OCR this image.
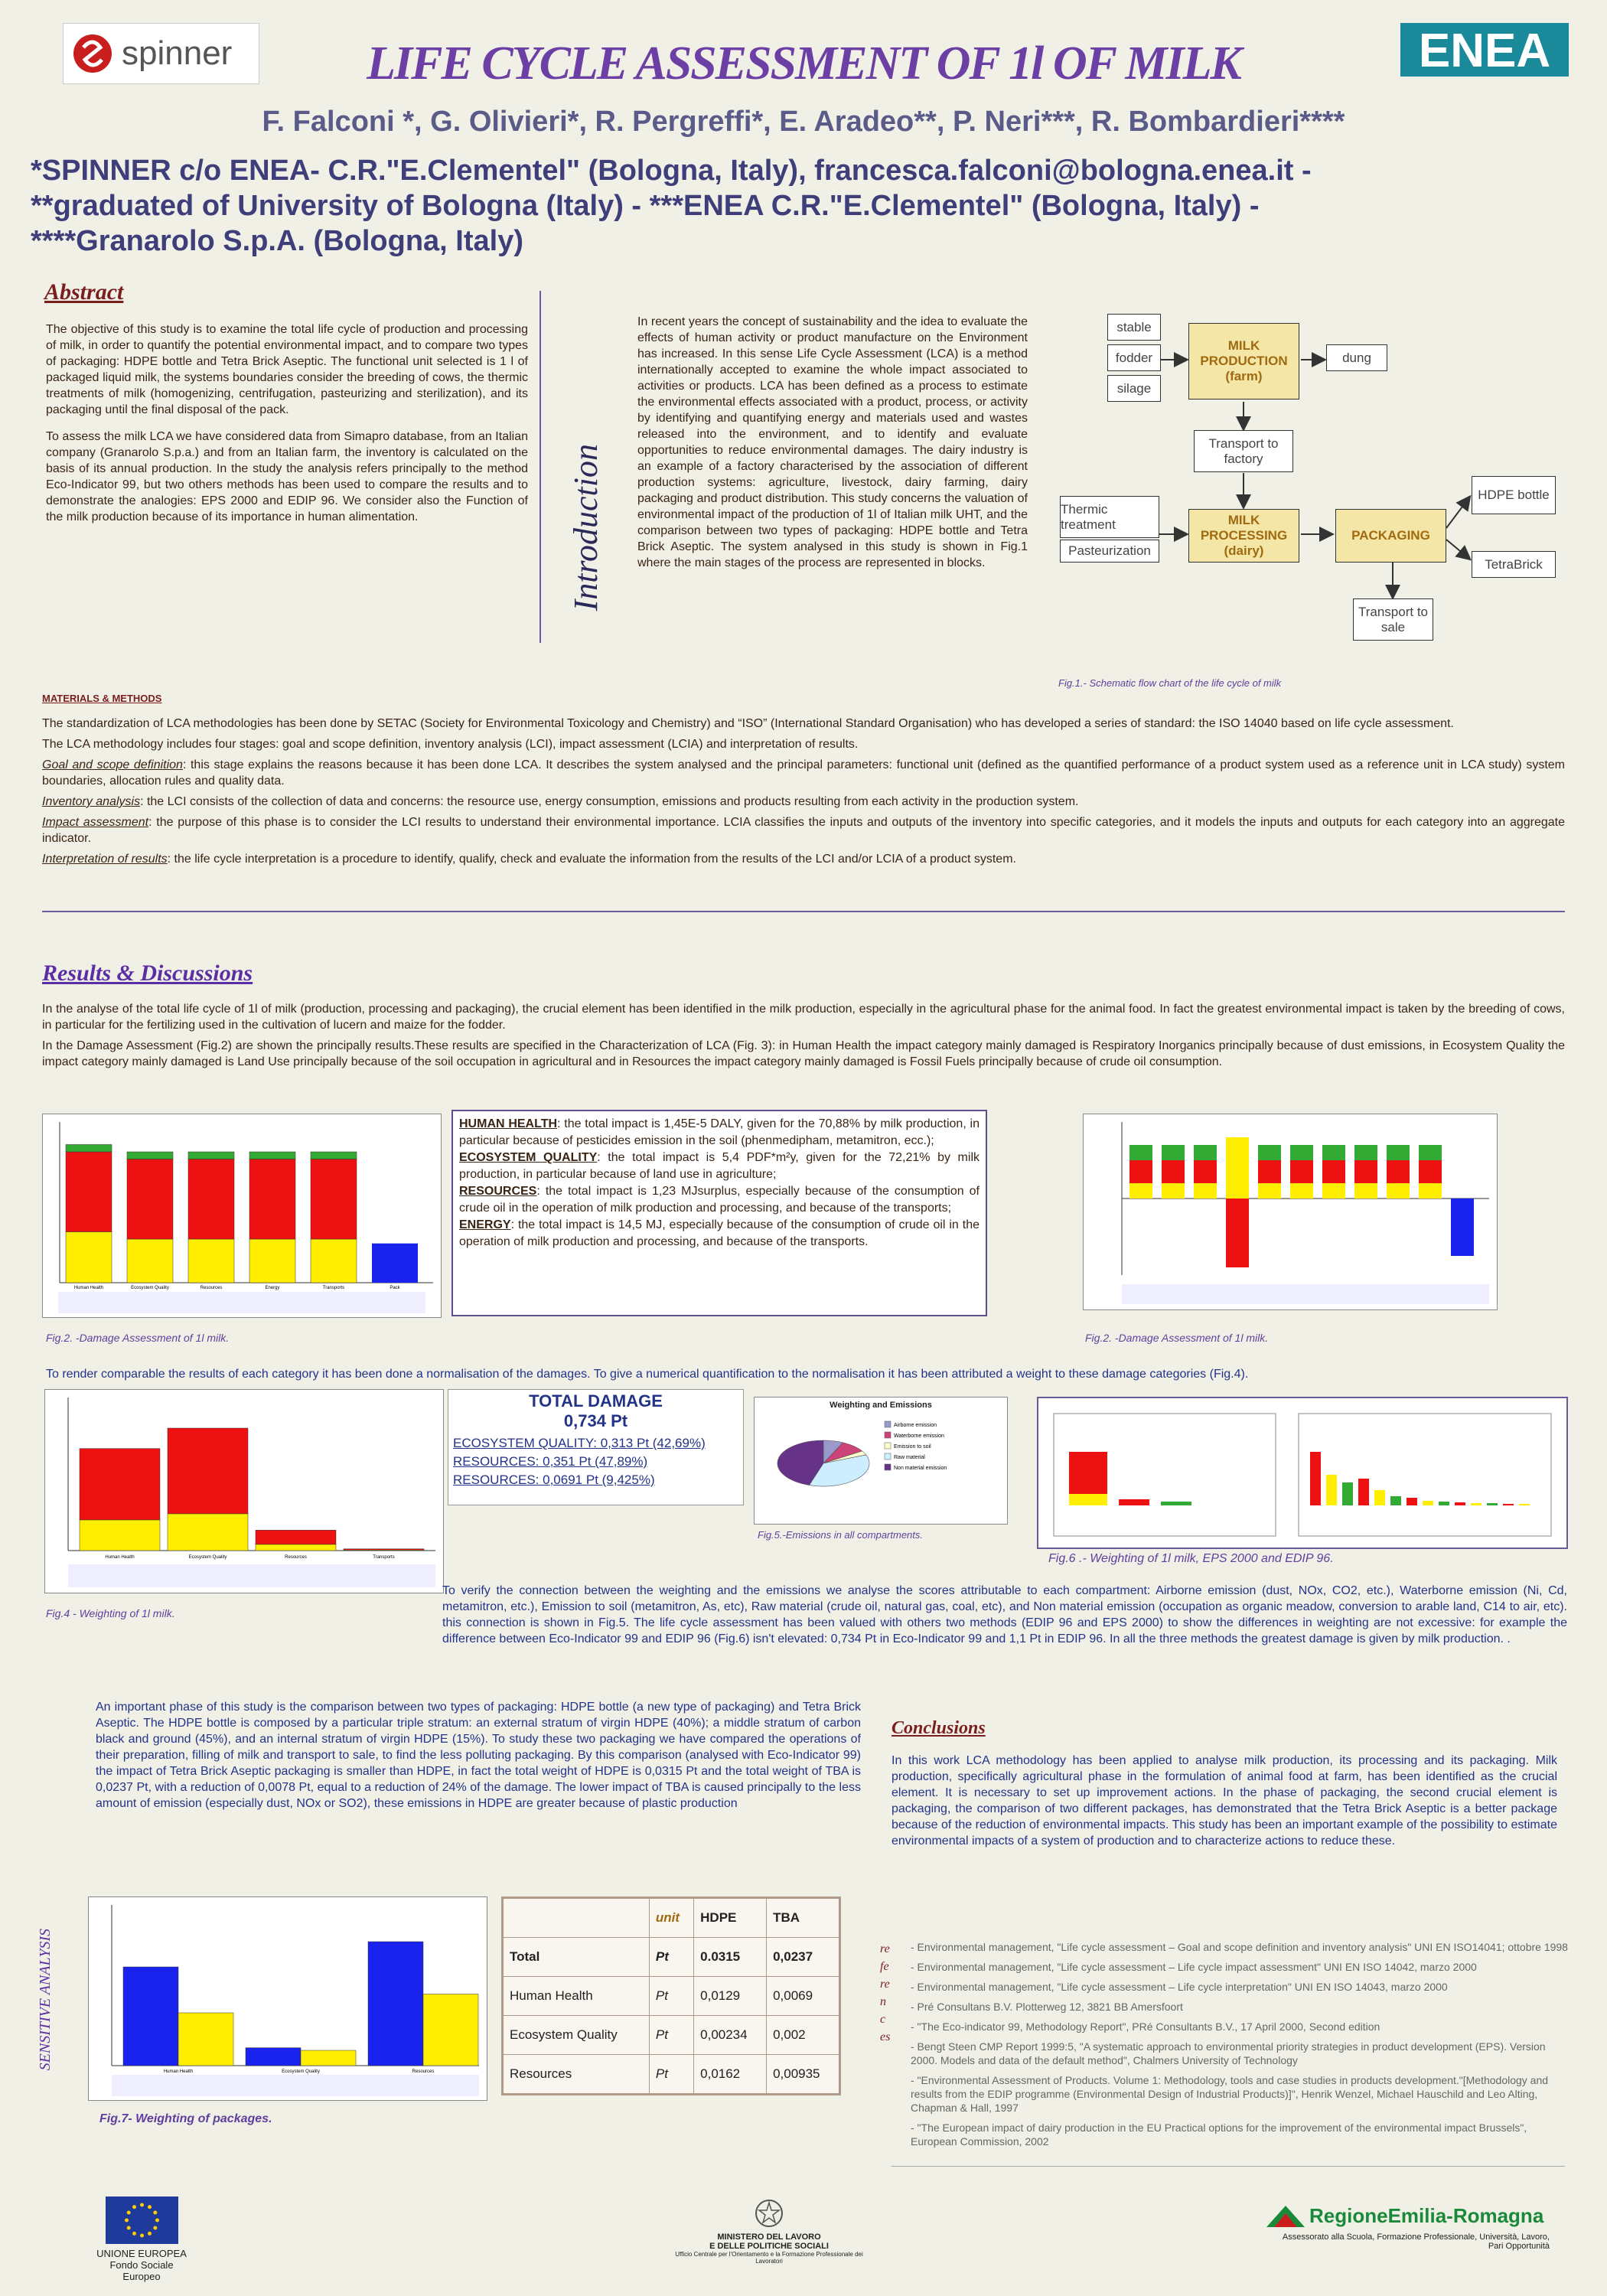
spinner	LIFE CYCLE ASSESSMENT OF 1l OF MILK	ENEA
F. Falconi *, G. Olivieri*, R. Pergreffi*, E. Aradeo**, P. Neri***, R. Bombardieri****
*SPINNER c/o ENEA- C.R."E.Clementel" (Bologna, Italy), francesca.falconi@bologna.enea.it -
**graduated of University of Bologna (Italy) - ***ENEA C.R."E.Clementel" (Bologna, Italy) -
****Granarolo S.p.A. (Bologna, Italy)
Abstract

The objective of this study is to examine the total life cycle of production and processing of milk, in order to quantify the potential environmental impact, and to compare two types of packaging: HDPE bottle and Tetra Brick Aseptic. The functional unit selected is 1 l of packaged liquid milk, the systems boundaries consider the breeding of cows, the thermic treatments of milk (homogenizing, centrifugation, pasteurizing and sterilization), and its packaging until the final disposal of the pack.

To assess the milk LCA we have considered data from Simapro database, from an Italian company (Granarolo S.p.a.) and from an Italian farm, the inventory is calculated on the basis of its annual production. In the study the analysis refers principally to the method Eco-Indicator 99, but two others methods has been used to compare the results and to demonstrate the analogies: EPS 2000 and EDIP 96. We consider also the Function of the milk production because of its importance in human alimentation.	Introduction
In recent years the concept of sustainability and the idea to evaluate the effects of human activity or product manufacture on the Environment has increased. In this sense Life Cycle Assessment (LCA) is a method internationally accepted to examine the whole impact associated to activities or products. LCA has been defined as a process to estimate the environmental effects associated with a product, process, or activity by identifying and quantifying energy and materials used and wastes released into the environment, and to identify and evaluate opportunities to reduce environmental damages. The dairy industry is an example of a factory characterised by the association of different production systems: agriculture, livestock, dairy farming, dairy packaging and product distribution. This study concerns the valuation of environmental impact of the production of 1l of Italian milk UHT, and the comparison between two types of packaging: HDPE bottle and Tetra Brick Aseptic. The system analysed in this study is shown in Fig.1 where the main stages of the process are represented in blocks.
stable
fodder
silage
MILK PRODUCTION (farm)
dung
Transport to factory
Thermic treatment
Pasteurization
MILK PROCESSING (dairy)
PACKAGING
HDPE bottle
TetraBrick
Transport to sale
Fig.1.- Schematic flow chart of the life cycle of milk
MATERIALS & METHODS

The standardization of LCA methodologies has been done by SETAC (Society for Environmental Toxicology and Chemistry) and “ISO” (International Standard Organisation) who has developed a series of standard: the ISO 14040 based on life cycle assessment.

The LCA methodology includes four stages: goal and scope definition, inventory analysis (LCI), impact assessment (LCIA) and interpretation of results.

Goal and scope definition: this stage explains the reasons because it has been done LCA. It describes the system analysed and the principal parameters: functional unit (defined as the quantified performance of a product system used as a reference unit in LCA study) system boundaries, allocation rules and quality data.

Inventory analysis: the LCI consists of the collection of data and concerns: the resource use, energy consumption, emissions and products resulting from each activity in the production system.

Impact assessment: the purpose of this phase is to consider the LCI results to understand their environmental importance. LCIA classifies the inputs and outputs of the inventory into specific categories, and it models the inputs and outputs for each category into an aggregate indicator.

Interpretation of results: the life cycle interpretation is a procedure to identify, qualify, check and evaluate the information from the results of the LCI and/or LCIA of a product system.

Results & Discussions

In the analyse of the total life cycle of 1l of milk (production, processing and packaging), the crucial element has been identified in the milk production, especially in the agricultural phase for the animal food. In fact the greatest environmental impact is taken by the breeding of cows, in particular for the fertilizing used in the cultivation of lucern and maize for the fodder.

In the Damage Assessment (Fig.2) are shown the principally results.These results are specified in the Characterization of LCA (Fig. 3): in Human Health the impact category mainly damaged is Respiratory Inorganics principally because of dust emissions, in Ecosystem Quality the impact category mainly damaged is Land Use principally because of the soil occupation in agricultural and in Resources the impact category mainly damaged is Fossil Fuels principally because of crude oil consumption.

Human Health	Ecosystem Quality	Resources	Energy	Transports	Pack
HUMAN HEALTH: the total impact is 1,45E-5 DALY, given for the 70,88% by milk production, in particular because of pesticides emission in the soil (phenmedipham, metamitron, ecc.);
ECOSYSTEM QUALITY: the total impact is 5,4 PDF*m²y, given for the 72,21% by milk production, in particular because of land use in agriculture;
RESOURCES: the total impact is 1,23 MJsurplus, especially because of the consumption of crude oil in the operation of milk production and processing, and because of the transports;
ENERGY: the total impact is 14,5 MJ, especially because of the consumption of crude oil in the operation of milk production and processing, and because of the transports.
Fig.2. -Damage Assessment of 1l milk.	Fig.2. -Damage Assessment of 1l milk.
To render comparable the results of each category it has been done a normalisation of the damages. To give a numerical quantification to the normalisation it has been attributed a weight to these damage categories (Fig.4).
Human Health	Ecosystem Quality	Resources	Transports
Fig.4 - Weighting of 1l milk.
TOTAL DAMAGE
0,734 Pt
ECOSYSTEM QUALITY: 0,313 Pt (42,69%)
RESOURCES: 0,351 Pt (47,89%)
RESOURCES: 0,0691 Pt (9,425%)
Weighting and Emissions
Airborne emission
Waterborne emission
Emission to soil
Raw material
Non material emission
Fig.5.-Emissions in all compartments.
Fig.6 .- Weighting of 1l milk, EPS 2000 and EDIP 96.
To verify the connection between the weighting and the emissions we analyse the scores attributable to each compartment: Airborne emission (dust, NOx, CO2, etc.), Waterborne emission (Ni, Cd, metamitron, etc.), Emission to soil (metamitron, As, etc), Raw material (crude oil, natural gas, coal, etc), and Non material emission (occupation as organic meadow, conversion to arable land, C14 to air, etc). this connection is shown in Fig.5. The life cycle assessment has been valued with others two methods (EDIP 96 and EPS 2000) to show the differences in weighting are not excessive: for example the difference between Eco-Indicator 99 and EDIP 96 (Fig.6) isn't elevated: 0,734 Pt in Eco-Indicator 99 and 1,1 Pt in EDIP 96. In all the three methods the greatest damage is given by milk production. .
An important phase of this study is the comparison between two types of packaging: HDPE bottle (a new type of packaging) and Tetra Brick Aseptic. The HDPE bottle is composed by a particular triple stratum: an external stratum of virgin HDPE (40%); a middle stratum of carbon black and ground (45%), and an internal stratum of virgin HDPE (15%). To study these two packaging we have compared the operations of their preparation, filling of milk and transport to sale, to find the less polluting packaging. By this comparison (analysed with Eco-Indicator 99) the impact of Tetra Brick Aseptic packaging is smaller than HDPE, in fact the total weight of HDPE is 0,0315 Pt and the total weight of TBA is 0,0237 Pt, with a reduction of 0,0078 Pt, equal to a reduction of 24% of the damage. The lower impact of TBA is caused principally to the less amount of emission (especially dust, NOx or SO2), these emissions in HDPE are greater because of plastic production
SENSITIVE ANALYSIS
Human Health	Ecosystem Quality	Resources
Fig.7- Weighting of packages.
	unit	HDPE	TBA
Total	Pt	0.0315	0,0237
Human Health	Pt	0,0129	0,0069
Ecosystem Quality	Pt	0,00234	0,002
Resources	Pt	0,0162	0,00935
Conclusions
In this work LCA methodology has been applied to analyse milk production, its processing and its packaging. Milk production, specifically agricultural phase in the formulation of animal food at farm, has been identified as the crucial element. It is necessary to set up improvement actions. In the phase of packaging, the second crucial element is packaging, the comparison of two different packages, has demonstrated that the Tetra Brick Aseptic is a better package because of the reduction of environmental impacts. This study has been an important example of the possibility to estimate environmental impacts of a system of production and to characterize actions to reduce these.
references
- Environmental management, "Life cycle assessment – Goal and scope definition and inventory analysis" UNI EN ISO14041; ottobre 1998
- Environmental management, "Life cycle assessment – Life cycle impact assessment" UNI EN ISO 14042, marzo 2000
- Environmental management, "Life cycle assessment – Life cycle interpretation" UNI EN ISO 14043, marzo 2000
- Pré Consultans B.V. Plotterweg 12, 3821 BB Amersfoort
- "The Eco-indicator 99, Methodology Report", PRé Consultants B.V., 17 April 2000, Second edition
- Bengt Steen CMP Report 1999:5, "A systematic approach to environmental priority strategies in product development (EPS). Version 2000. Models and data of the default method", Chalmers University of Technology
- "Environmental Assessment of Products. Volume 1: Methodology, tools and case studies in products development."[Methodology and results from the EDIP programme (Environmental Design of Industrial Products)]", Henrik Wenzel, Michael Hauschild and Leo Alting, Chapman & Hall, 1997
- "The European impact of dairy production in the EU Practical options for the improvement of the environmental impact Brussels", European Commission, 2002
UNIONE EUROPEA
Fondo Sociale Europeo
MINISTERO DEL LAVORO
E DELLE POLITICHE SOCIALI
Ufficio Centrale per l'Orientamento e la Formazione Professionale dei Lavoratori
RegioneEmilia-Romagna
Assessorato alla Scuola, Formazione Professionale, Università, Lavoro, Pari Opportunità
